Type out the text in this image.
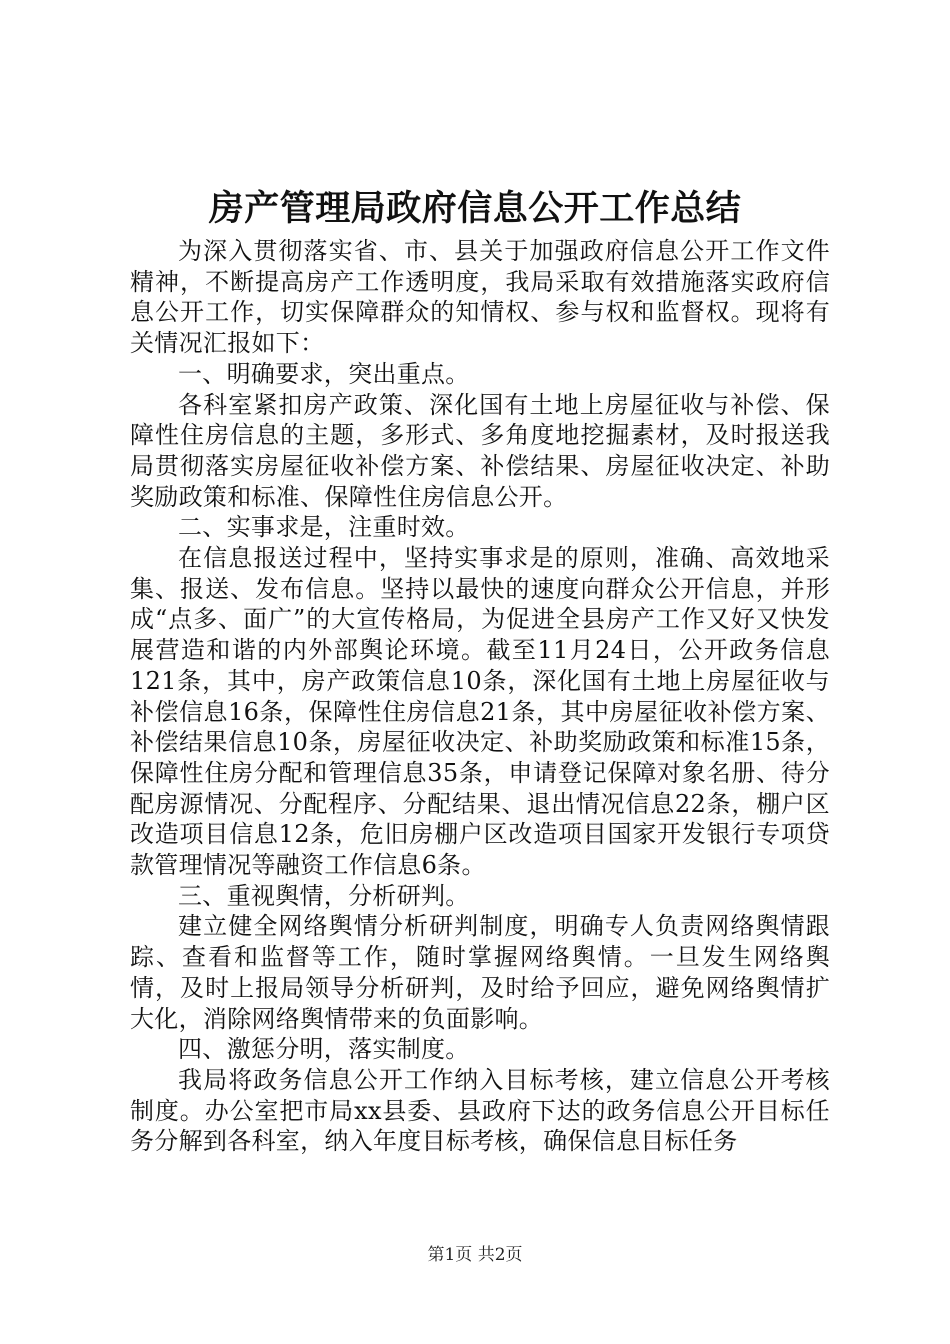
房产管理局政府信息公开工作总结

为深入贯彻落实省、市、县关于加强政府信息公开工作文件精神，不断提高房产工作透明度，我局采取有效措施落实政府信息公开工作，切实保障群众的知情权、参与权和监督权。现将有关情况汇报如下：

一、明确要求，突出重点。

各科室紧扣房产政策、深化国有土地上房屋征收与补偿、保障性住房信息的主题，多形式、多角度地挖掘素材，及时报送我局贯彻落实房屋征收补偿方案、补偿结果、房屋征收决定、补助奖励政策和标准、保障性住房信息公开。

二、实事求是，注重时效。

在信息报送过程中，坚持实事求是的原则，准确、高效地采集、报送、发布信息。坚持以最快的速度向群众公开信息，并形成“点多、面广”的大宣传格局，为促进全县房产工作又好又快发展营造和谐的内外部舆论环境。截至11月24日，公开政务信息121条，其中，房产政策信息10条，深化国有土地上房屋征收与补偿信息16条，保障性住房信息21条，其中房屋征收补偿方案、补偿结果信息10条，房屋征收决定、补助奖励政策和标准15条，保障性住房分配和管理信息35条，申请登记保障对象名册、待分配房源情况、分配程序、分配结果、退出情况信息22条，棚户区改造项目信息12条，危旧房棚户区改造项目国家开发银行专项贷款管理情况等融资工作信息6条。

三、重视舆情，分析研判。

建立健全网络舆情分析研判制度，明确专人负责网络舆情跟踪、查看和监督等工作，随时掌握网络舆情。一旦发生网络舆情，及时上报局领导分析研判，及时给予回应，避免网络舆情扩大化，消除网络舆情带来的负面影响。

四、激惩分明，落实制度。

我局将政务信息公开工作纳入目标考核，建立信息公开考核制度。办公室把市局xx县委、县政府下达的政务信息公开目标任务分解到各科室，纳入年度目标考核，确保信息目标任务

第1页 共2页
